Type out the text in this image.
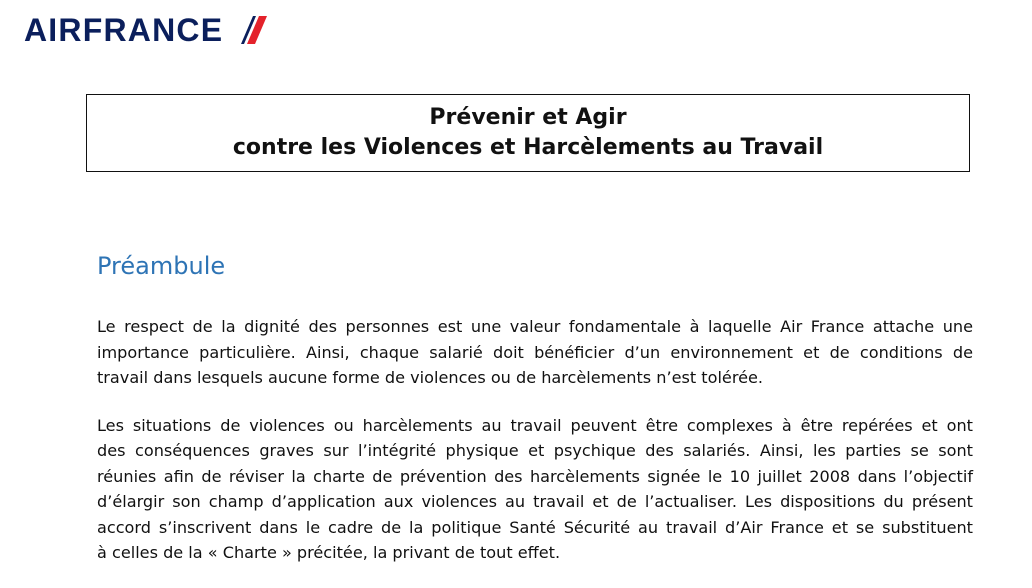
AIRFRANCE
Prévenir et Agir
contre les Violences et Harcèlements au Travail
Préambule

Le respect de la dignité des personnes est une valeur fondamentale à laquelle Air France attache une
importance particulière. Ainsi, chaque salarié doit bénéficier d’un environnement et de conditions de
travail dans lesquels aucune forme de violences ou de harcèlements n’est tolérée.

Les situations de violences ou harcèlements au travail peuvent être complexes à être repérées et ont
des conséquences graves sur l’intégrité physique et psychique des salariés. Ainsi, les parties se sont
réunies afin de réviser la charte de prévention des harcèlements signée le 10 juillet 2008 dans l’objectif
d’élargir son champ d’application aux violences au travail et de l’actualiser. Les dispositions du présent
accord s’inscrivent dans le cadre de la politique Santé Sécurité au travail d’Air France et se substituent
à celles de la « Charte » précitée, la privant de tout effet.
